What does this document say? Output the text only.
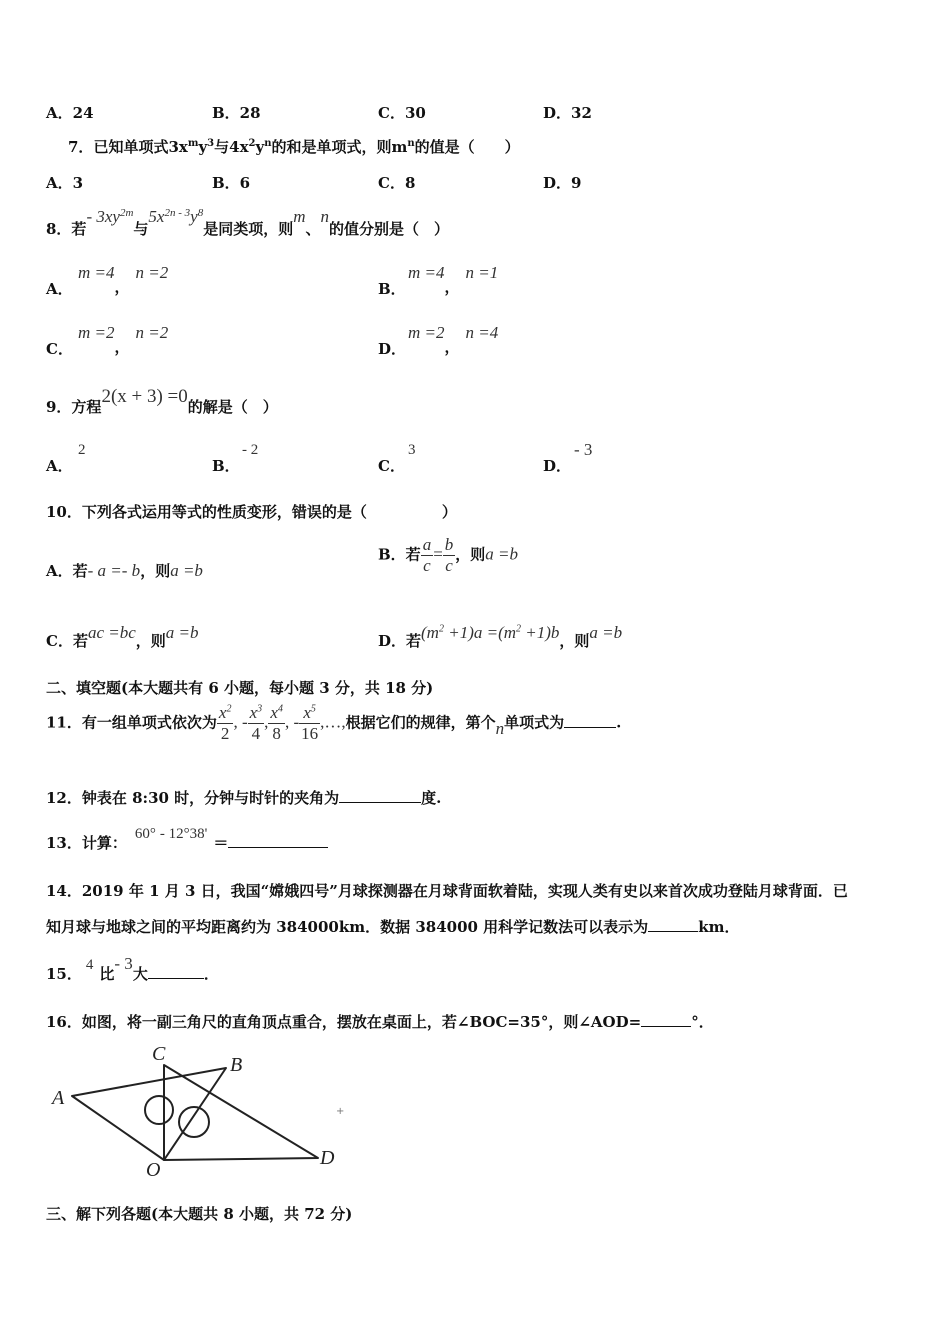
A．24	B．28	C．30	D．32
7．已知单项式$3x^my^3$与$4x^2y^n$的和是单项式，则$m^n$的值是（　　）
A．3	B．6	C．8	D．9
8．若- $3xy^{2m}$与$5x^{2n - 3}y^8$是同类项，则m、n的值分别是（　）
A．
m =4，n =2
B．
m =4，n =1
C．
m =2，n =2
D．
m =2，n =4
9．方程2(x + 3) =0的解是（　）
A．
2
B．
- 2
C．
3
D．
- 3
10．下列各式运用等式的性质变形，错误的是（　　　　　）
A．若- a =- b，则a =b
B．若 $\frac{a}{c} = \frac{b}{c}$ ，则a =b
C．若ac =bc，则a =b	D．若$(m^2 +1)a =(m^2 +1)b$，则a =b
二、填空题(本大题共有 6 小题，每小题 3 分，共 18 分)
11．有一组单项式依次为 $\frac{x^2}{2}$ , - $\frac{x^3}{4}$ , $\frac{x^4}{8}$ , - $\frac{x^5}{16}$ ,…,根据它们的规律，第个n单项式为	.
12．钟表在 8:30 时，分钟与时针的夹角为	度.
13．计算： 60° - 12°38' ＝
14．2019 年 1 月 3 日，我国“嫦娥四号”月球探测器在月球背面软着陆，实现人类有史以来首次成功登陆月球背面．已
知月球与地球之间的平均距离约为 384000km．数据 384000 用科学记数法可以表示为	km．
15． 4 比- 3大	．
16．如图，将一副三角尺的直角顶点重合，摆放在桌面上，若∠BOC=35°，则∠AOD=	°．
A
B
C
D
O
+
三、解下列各题(本大题共 8 小题，共 72 分)
